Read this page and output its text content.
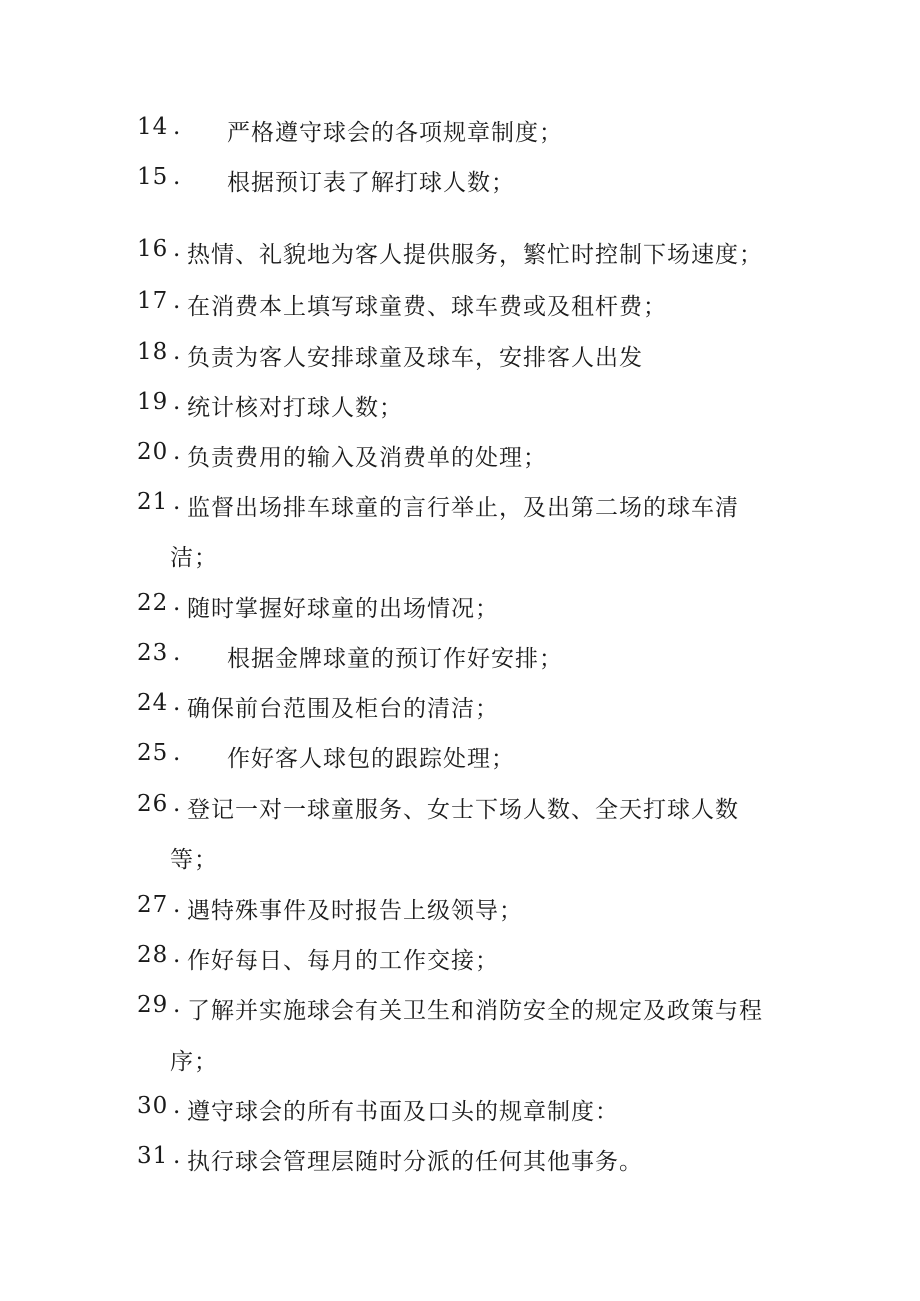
14 . 严格遵守球会的各项规章制度；
15 . 根据预订表了解打球人数；
16 . 热情、礼貌地为客人提供服务，繁忙时控制下场速度；
17 . 在消费本上填写球童费、球车费或及租杆费；
18 . 负责为客人安排球童及球车，安排客人出发
19 . 统计核对打球人数；
20 . 负责费用的输入及消费单的处理；
21 . 监督出场排车球童的言行举止，及出第二场的球车清
洁；
22 . 随时掌握好球童的出场情况；
23 . 根据金牌球童的预订作好安排；
24 . 确保前台范围及柜台的清洁；
25 . 作好客人球包的跟踪处理；
26 . 登记一对一球童服务、女士下场人数、全天打球人数
等；
27 . 遇特殊事件及时报告上级领导；
28 . 作好每日、每月的工作交接；
29 . 了解并实施球会有关卫生和消防安全的规定及政策与程
序；
30 . 遵守球会的所有书面及口头的规章制度：
31 . 执行球会管理层随时分派的任何其他事务。
